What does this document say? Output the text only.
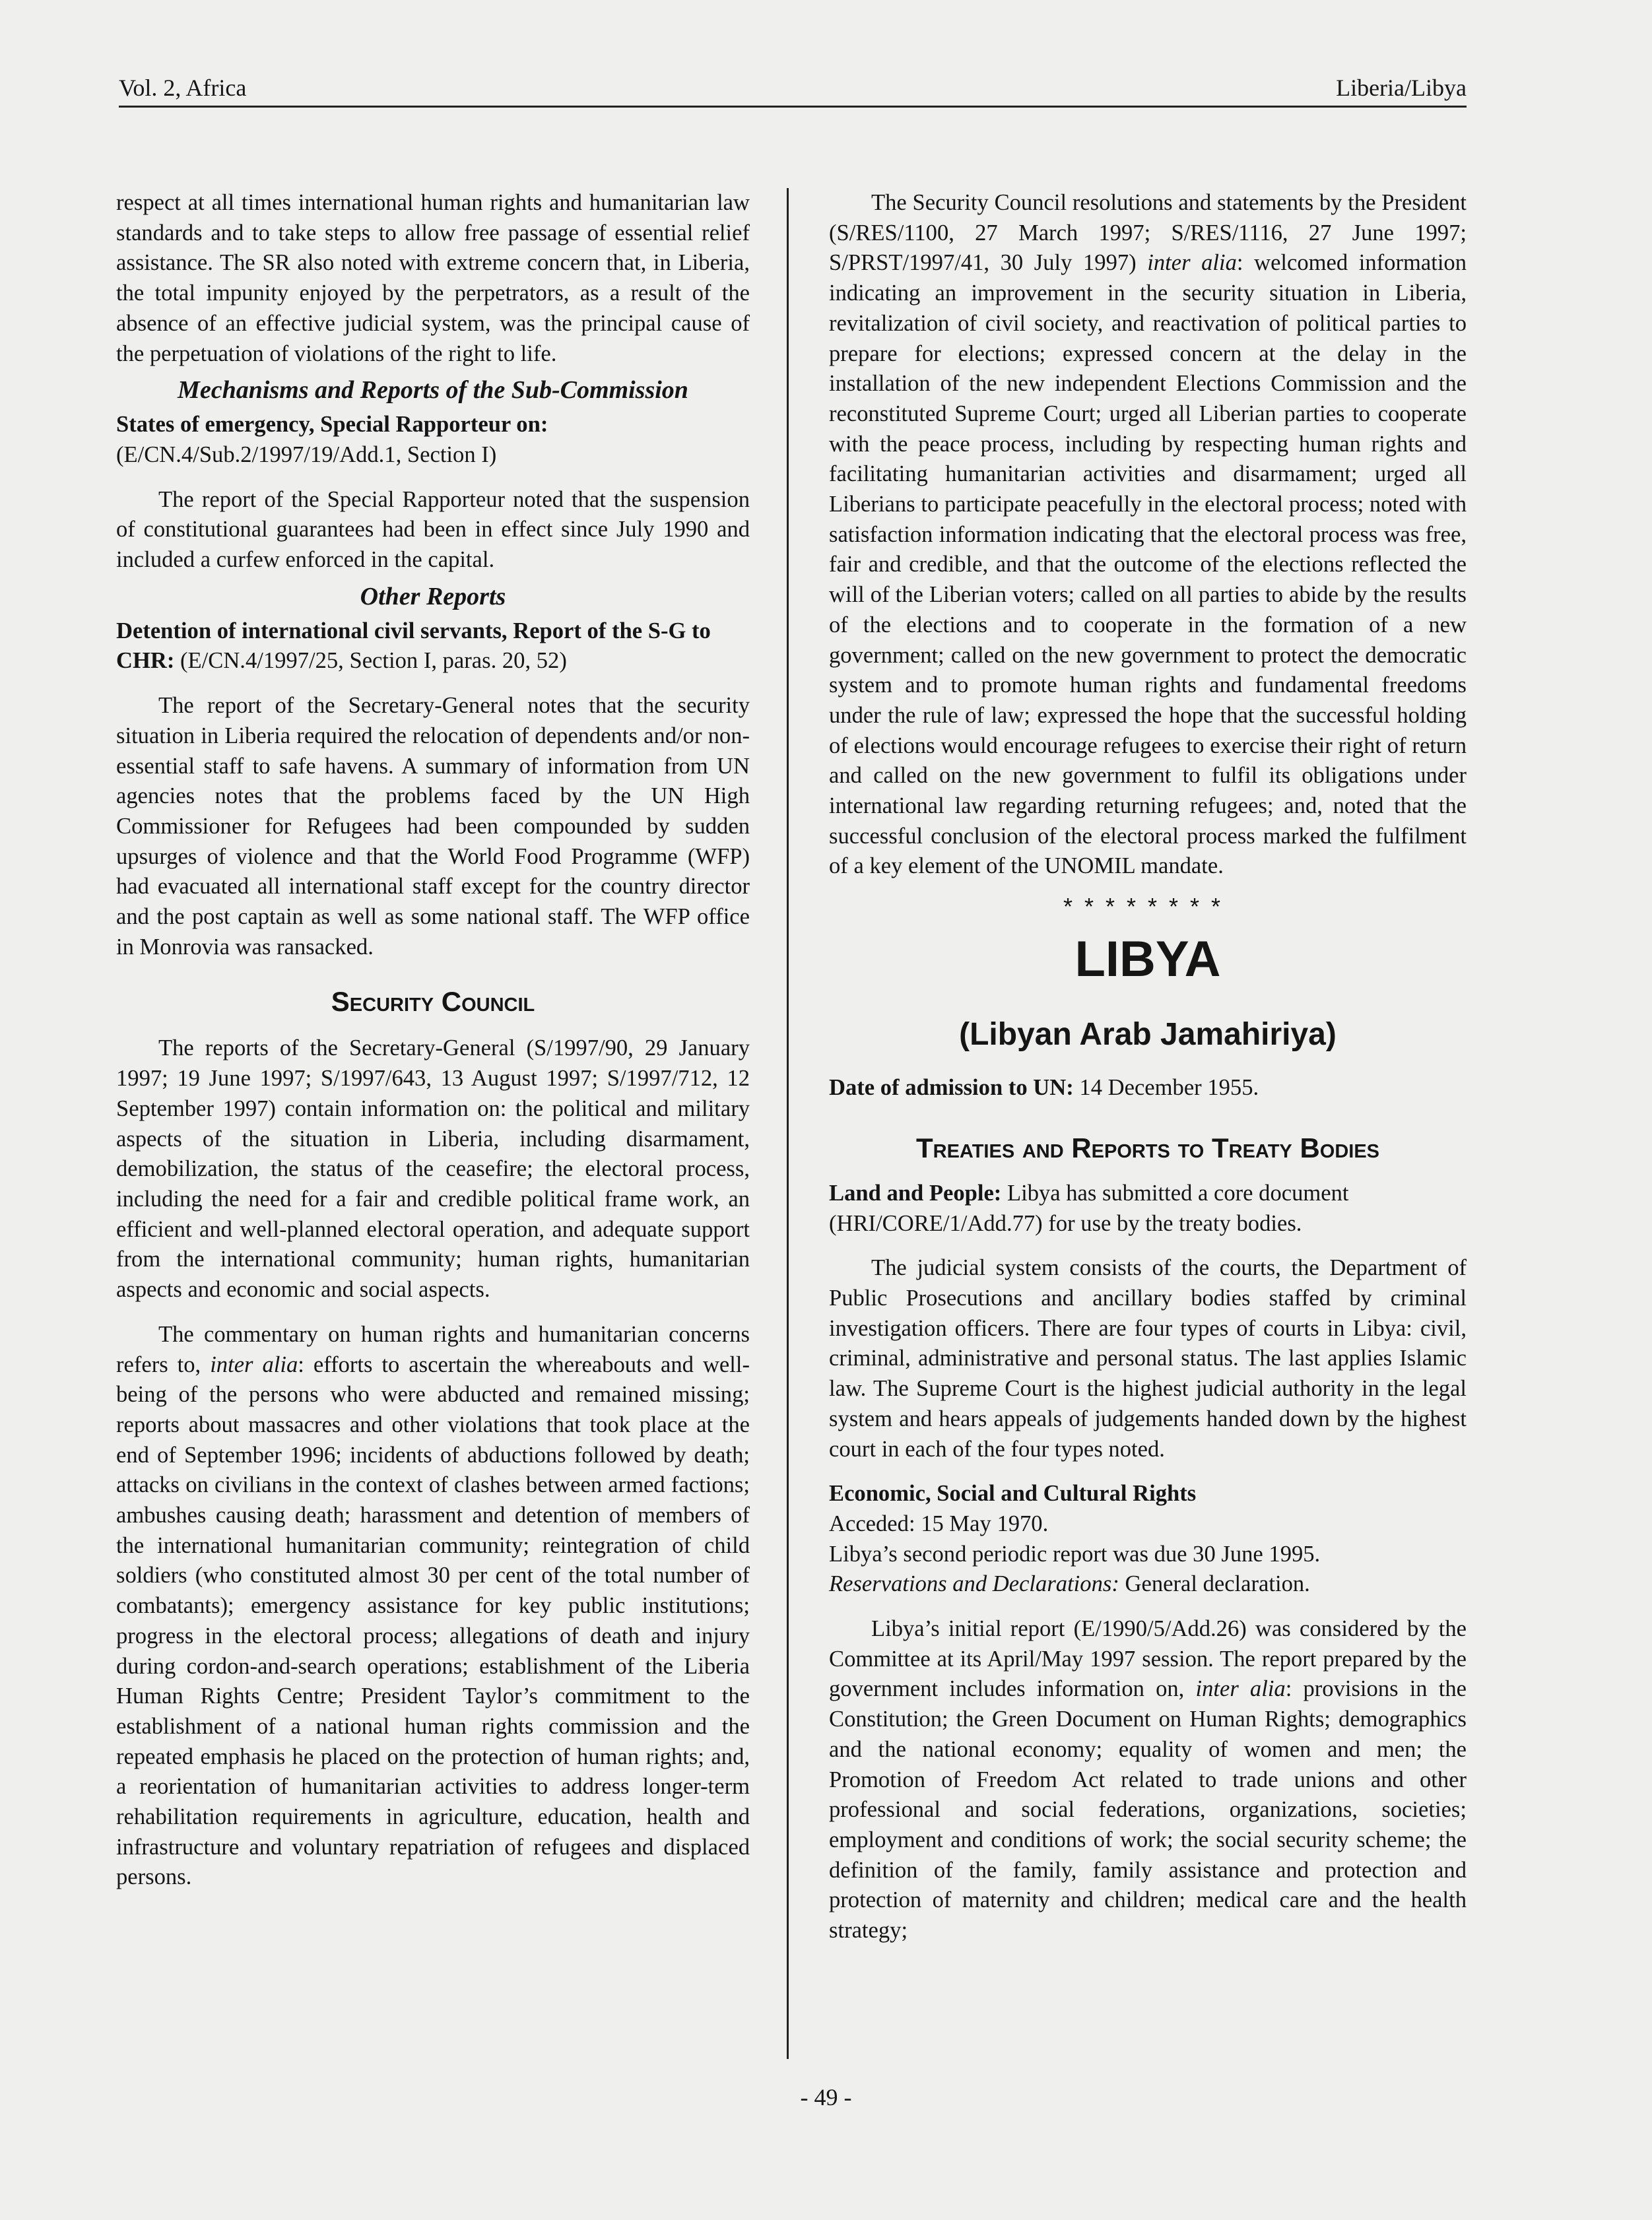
Vol. 2, Africa	Liberia/Libya

respect at all times international human rights and humanitarian law standards and to take steps to allow free passage of essential relief assistance. The SR also noted with extreme concern that, in Liberia, the total impunity enjoyed by the perpetrators, as a result of the absence of an effective judicial system, was the principal cause of the perpetuation of violations of the right to life.

Mechanisms and Reports of the Sub-Commission

States of emergency, Special Rapporteur on:
(E/CN.4/Sub.2/1997/19/Add.1, Section I)

The report of the Special Rapporteur noted that the suspension of constitutional guarantees had been in effect since July 1990 and included a curfew enforced in the capital.

Other Reports

Detention of international civil servants, Report of the S-G to CHR: (E/CN.4/1997/25, Section I, paras. 20, 52)

The report of the Secretary-General notes that the security situation in Liberia required the relocation of dependents and/or non-essential staff to safe havens. A summary of information from UN agencies notes that the problems faced by the UN High Commissioner for Refugees had been compounded by sudden upsurges of violence and that the World Food Programme (WFP) had evacuated all international staff except for the country director and the post captain as well as some national staff. The WFP office in Monrovia was ransacked.

Security Council

The reports of the Secretary-General (S/1997/90, 29 January 1997; 19 June 1997; S/1997/643, 13 August 1997; S/1997/712, 12 September 1997) contain information on: the political and military aspects of the situation in Liberia, including disarmament, demobilization, the status of the ceasefire; the electoral process, including the need for a fair and credible political frame work, an efficient and well-planned electoral operation, and adequate support from the international community; human rights, humanitarian aspects and economic and social aspects.

The commentary on human rights and humanitarian concerns refers to, inter alia: efforts to ascertain the whereabouts and well-being of the persons who were abducted and remained missing; reports about massacres and other violations that took place at the end of September 1996; incidents of abductions followed by death; attacks on civilians in the context of clashes between armed factions; ambushes causing death; harassment and detention of members of the international humanitarian community; reintegration of child soldiers (who constituted almost 30 per cent of the total number of combatants); emergency assistance for key public institutions; progress in the electoral process; allegations of death and injury during cordon-and-search operations; establishment of the Liberia Human Rights Centre; President Taylor’s commitment to the establishment of a national human rights commission and the repeated emphasis he placed on the protection of human rights; and, a reorientation of humanitarian activities to address longer-term rehabilitation requirements in agriculture, education, health and infrastructure and voluntary repatriation of refugees and displaced persons.

The Security Council resolutions and statements by the President (S/RES/1100, 27 March 1997; S/RES/1116, 27 June 1997; S/PRST/1997/41, 30 July 1997) inter alia: welcomed information indicating an improvement in the security situation in Liberia, revitalization of civil society, and reactivation of political parties to prepare for elections; expressed concern at the delay in the installation of the new independent Elections Commission and the reconstituted Supreme Court; urged all Liberian parties to cooperate with the peace process, including by respecting human rights and facilitating humanitarian activities and disarmament; urged all Liberians to participate peacefully in the electoral process; noted with satisfaction information indicating that the electoral process was free, fair and credible, and that the outcome of the elections reflected the will of the Liberian voters; called on all parties to abide by the results of the elections and to cooperate in the formation of a new government; called on the new government to protect the democratic system and to promote human rights and fundamental freedoms under the rule of law; expressed the hope that the successful holding of elections would encourage refugees to exercise their right of return and called on the new government to fulfil its obligations under international law regarding returning refugees; and, noted that the successful conclusion of the electoral process marked the fulfilment of a key element of the UNOMIL mandate.

********
LIBYA
(Libyan Arab Jamahiriya)

Date of admission to UN: 14 December 1955.

Treaties and Reports to Treaty Bodies

Land and People: Libya has submitted a core document (HRI/CORE/1/Add.77) for use by the treaty bodies.

The judicial system consists of the courts, the Department of Public Prosecutions and ancillary bodies staffed by criminal investigation officers. There are four types of courts in Libya: civil, criminal, administrative and personal status. The last applies Islamic law. The Supreme Court is the highest judicial authority in the legal system and hears appeals of judgements handed down by the highest court in each of the four types noted.

Economic, Social and Cultural Rights
Acceded: 15 May 1970.
Libya’s second periodic report was due 30 June 1995.
Reservations and Declarations: General declaration.

Libya’s initial report (E/1990/5/Add.26) was considered by the Committee at its April/May 1997 session. The report prepared by the government includes information on, inter alia: provisions in the Constitution; the Green Document on Human Rights; demographics and the national economy; equality of women and men; the Promotion of Freedom Act related to trade unions and other professional and social federations, organizations, societies; employment and conditions of work; the social security scheme; the definition of the family, family assistance and protection and protection of maternity and children; medical care and the health strategy;

- 49 -
